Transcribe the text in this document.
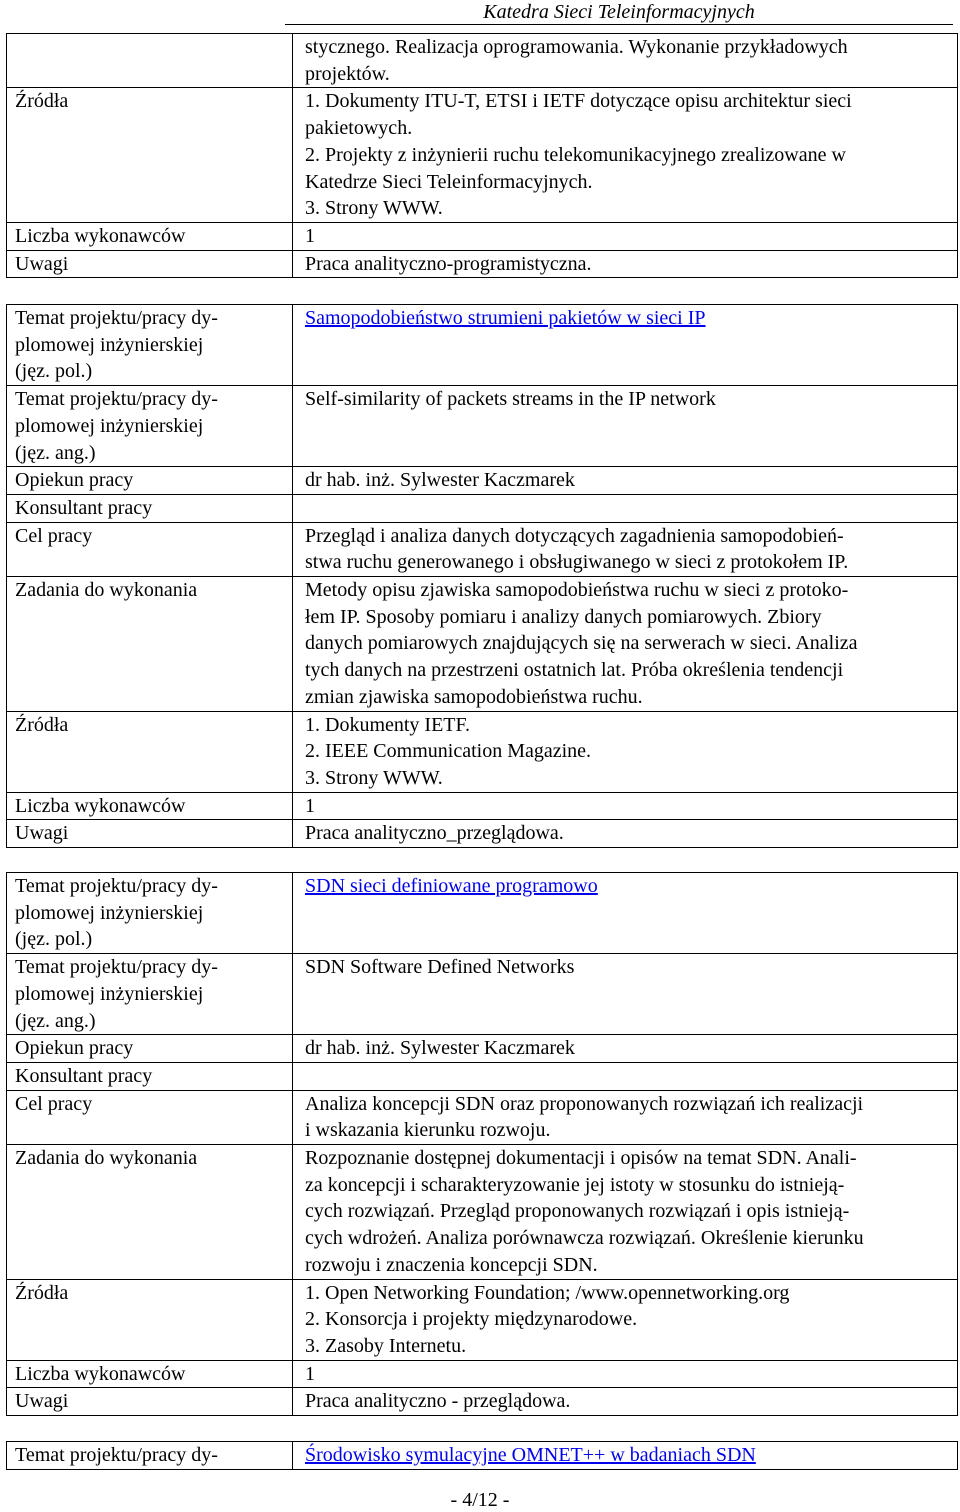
Katedra Sieci Teleinformacyjnych

	stycznego. Realizacja oprogramowania. Wykonanie przykładowych
projektów.

Źródła	1. Dokumenty ITU-T, ETSI i IETF dotyczące opisu architektur sieci
pakietowych.
2. Projekty z inżynierii ruchu telekomunikacyjnego zrealizowane w
Katedrze Sieci Teleinformacyjnych.
3. Strony WWW.

Liczba wykonawców	1
Uwagi	Praca analityczno-programistyczna.
Temat projektu/pracy dy-
plomowej inżynierskiej
(jęz. pol.)	Samopodobieństwo strumieni pakietów w sieci IP

Temat projektu/pracy dy-
plomowej inżynierskiej
(jęz. ang.)	Self-similarity of packets streams in the IP network
Opiekun pracy	dr hab. inż. Sylwester Kaczmarek
Konsultant pracy	
Cel pracy	Przegląd i analiza danych dotyczących zagadnienia samopodobień-
stwa ruchu generowanego i obsługiwanego w sieci z protokołem IP.

Zadania do wykonania	Metody opisu zjawiska samopodobieństwa ruchu w sieci z protoko-
łem IP. Sposoby pomiaru i analizy danych pomiarowych. Zbiory
danych pomiarowych znajdujących się na serwerach w sieci. Analiza
tych danych na przestrzeni ostatnich lat. Próba określenia tendencji
zmian zjawiska samopodobieństwa ruchu.

Źródła	1. Dokumenty IETF.
2. IEEE Communication Magazine.
3. Strony WWW.

Liczba wykonawców	1
Uwagi	Praca analityczno_przeglądowa.
Temat projektu/pracy dy-
plomowej inżynierskiej
(jęz. pol.)	SDN sieci definiowane programowo

Temat projektu/pracy dy-
plomowej inżynierskiej
(jęz. ang.)	SDN Software Defined Networks
Opiekun pracy	dr hab. inż. Sylwester Kaczmarek
Konsultant pracy	
Cel pracy	Analiza koncepcji SDN oraz proponowanych rozwiązań ich realizacji
i wskazania kierunku rozwoju.

Zadania do wykonania	Rozpoznanie dostępnej dokumentacji i opisów na temat SDN. Anali-
za koncepcji i scharakteryzowanie jej istoty w stosunku do istnieją-
cych rozwiązań. Przegląd proponowanych rozwiązań i opis istnieją-
cych wdrożeń. Analiza porównawcza rozwiązań. Określenie kierunku
rozwoju i znaczenia koncepcji SDN.

Źródła	1. Open Networking Foundation; /www.opennetworking.org
2. Konsorcja i projekty międzynarodowe.
3. Zasoby Internetu.

Liczba wykonawców	1
Uwagi	Praca analityczno - przeglądowa.
Temat projektu/pracy dy-	Środowisko symulacyjne OMNET++ w badaniach SDN
- 4/12 -
